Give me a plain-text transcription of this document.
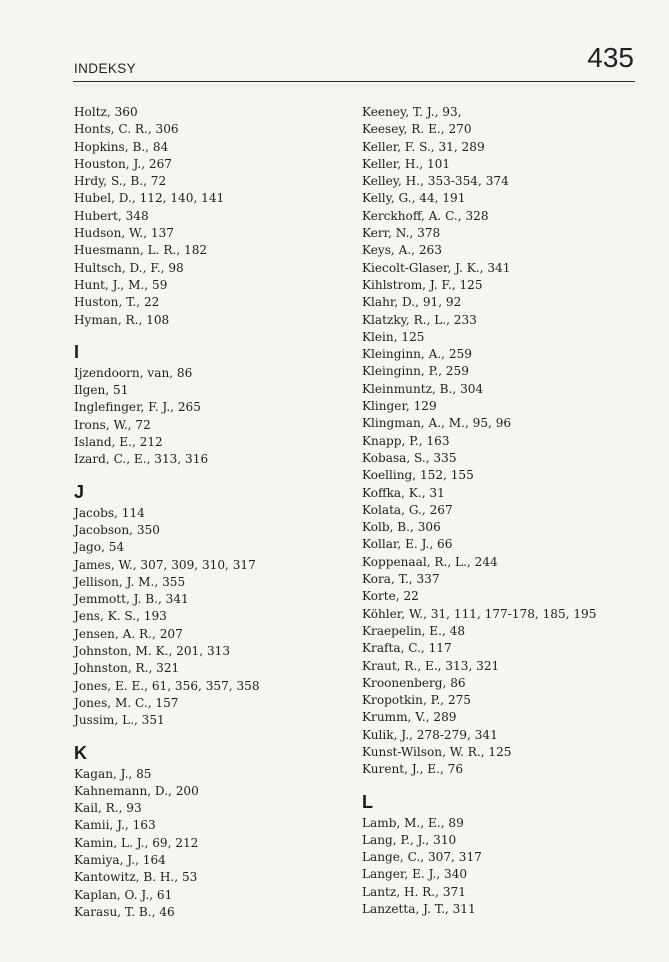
INDEKSY	435
Holtz, 360
Honts, C. R., 306
Hopkins, B., 84
Houston, J., 267
Hrdy, S., B., 72
Hubel, D., 112, 140, 141
Hubert, 348
Hudson, W., 137
Huesmann, L. R., 182
Hultsch, D., F., 98
Hunt, J., M., 59
Huston, T., 22
Hyman, R., 108
I
Ijzendoorn, van, 86
Ilgen, 51
Inglefinger, F. J., 265
Irons, W., 72
Island, E., 212
Izard, C., E., 313, 316
J
Jacobs, 114
Jacobson, 350
Jago, 54
James, W., 307, 309, 310, 317
Jellison, J. M., 355
Jemmott, J. B., 341
Jens, K. S., 193
Jensen, A. R., 207
Johnston, M. K., 201, 313
Johnston, R., 321
Jones, E. E., 61, 356, 357, 358
Jones, M. C., 157
Jussim, L., 351
K
Kagan, J., 85
Kahnemann, D., 200
Kail, R., 93
Kamii, J., 163
Kamin, L. J., 69, 212
Kamiya, J., 164
Kantowitz, B. H., 53
Kaplan, O. J., 61
Karasu, T. B., 46
Keeney, T. J., 93,
Keesey, R. E., 270
Keller, F. S., 31, 289
Keller, H., 101
Kelley, H., 353-354, 374
Kelly, G., 44, 191
Kerckhoff, A. C., 328
Kerr, N., 378
Keys, A., 263
Kiecolt-Glaser, J. K., 341
Kihlstrom, J. F., 125
Klahr, D., 91, 92
Klatzky, R., L., 233
Klein, 125
Kleinginn, A., 259
Kleinginn, P., 259
Kleinmuntz, B., 304
Klinger, 129
Klingman, A., M., 95, 96
Knapp, P., 163
Kobasa, S., 335
Koelling, 152, 155
Koffka, K., 31
Kolata, G., 267
Kolb, B., 306
Kollar, E. J., 66
Koppenaal, R., L., 244
Kora, T., 337
Korte, 22
Köhler, W., 31, 111, 177-178, 185, 195
Kraepelin, E., 48
Krafta, C., 117
Kraut, R., E., 313, 321
Kroonenberg, 86
Kropotkin, P., 275
Krumm, V., 289
Kulik, J., 278-279, 341
Kunst-Wilson, W. R., 125
Kurent, J., E., 76
L
Lamb, M., E., 89
Lang, P., J., 310
Lange, C., 307, 317
Langer, E. J., 340
Lantz, H. R., 371
Lanzetta, J. T., 311
